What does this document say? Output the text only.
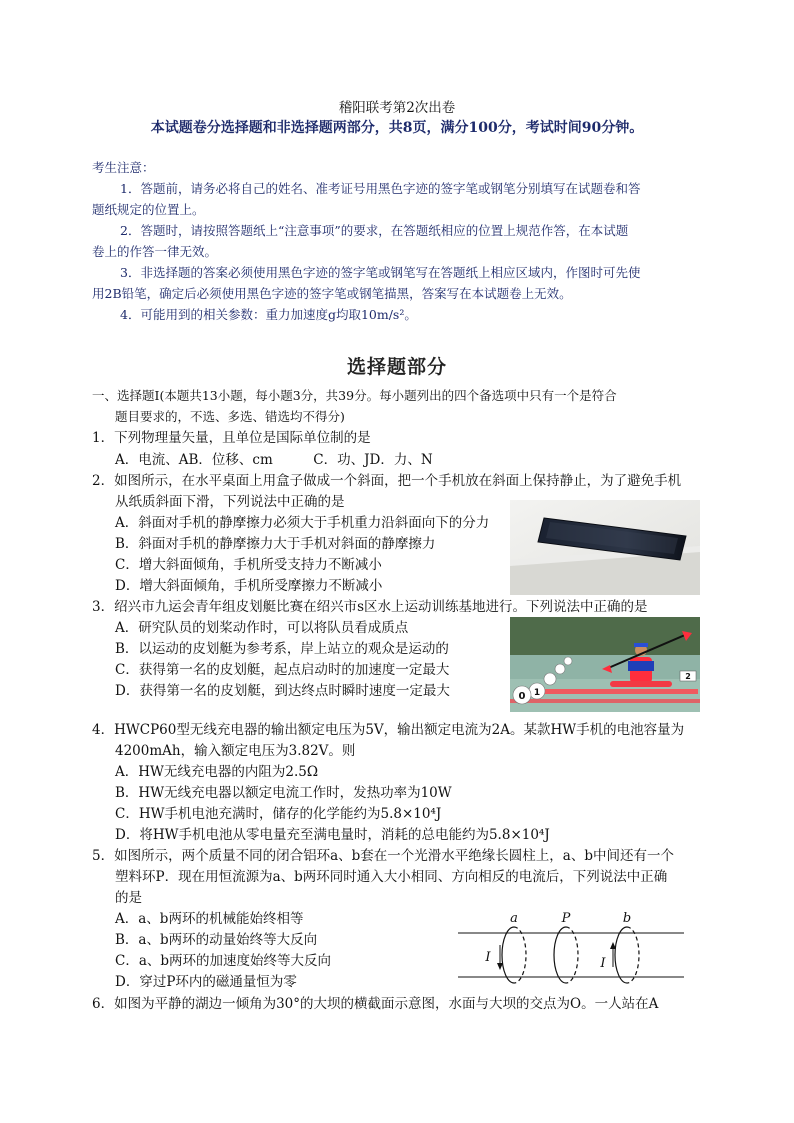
稽阳联考第2次出卷
本试题卷分选择题和非选择题两部分，共8页，满分100分，考试时间90分钟。
考生注意：
1．答题前，请务必将自己的姓名、准考证号用黑色字迹的签字笔或钢笔分别填写在试题卷和答
题纸规定的位置上。
2．答题时，请按照答题纸上“注意事项”的要求，在答题纸相应的位置上规范作答，在本试题
卷上的作答一律无效。
3．非选择题的答案必须使用黑色字迹的签字笔或钢笔写在答题纸上相应区域内，作图时可先使
用2B铅笔，确定后必须使用黑色字迹的签字笔或钢笔描黑，答案写在本试题卷上无效。
4．可能用到的相关参数：重力加速度g均取10m/s²。
选择题部分
一、选择题Ⅰ(本题共13小题，每小题3分，共39分。每小题列出的四个备选项中只有一个是符合
题目要求的，不选、多选、错选均不得分)
1．下列物理量矢量，且单位是国际单位制的是
A．电流、AB．位移、cm　　　C．功、JD．力、N
2．如图所示，在水平桌面上用盒子做成一个斜面，把一个手机放在斜面上保持静止，为了避免手机
从纸质斜面下滑，下列说法中正确的是
A．斜面对手机的静摩擦力必须大于手机重力沿斜面向下的分力
B．斜面对手机的静摩擦力大于手机对斜面的静摩擦力
C．增大斜面倾角，手机所受支持力不断减小
D．增大斜面倾角，手机所受摩擦力不断减小
3．绍兴市九运会青年组皮划艇比赛在绍兴市s区水上运动训练基地进行。下列说法中正确的是
A．研究队员的划桨动作时，可以将队员看成质点
B．以运动的皮划艇为参考系，岸上站立的观众是运动的
C．获得第一名的皮划艇，起点启动时的加速度一定最大
D．获得第一名的皮划艇，到达终点时瞬时速度一定最大	0 1
2
4．HWCP60型无线充电器的输出额定电压为5V，输出额定电流为2A。某款HW手机的电池容量为
4200mAh，输入额定电压为3.82V。则
A．HW无线充电器的内阻为2.5Ω
B．HW无线充电器以额定电流工作时，发热功率为10W
C．HW手机电池充满时，储存的化学能约为5.8×10⁴J
D．将HW手机电池从零电量充至满电量时，消耗的总电能约为5.8×10⁴J
5．如图所示，两个质量不同的闭合铝环a、b套在一个光滑水平绝缘长圆柱上，a、b中间还有一个
塑料环P．现在用恒流源为a、b两环同时通入大小相同、方向相反的电流后，下列说法中正确
的是
A．a、b两环的机械能始终相等
B．a、b两环的动量始终等大反向
C．a、b两环的加速度始终等大反向
D．穿过P环内的磁通量恒为零
a	P	b
I	I
6．如图为平静的湖边一倾角为30°的大坝的横截面示意图，水面与大坝的交点为O。一人站在A
